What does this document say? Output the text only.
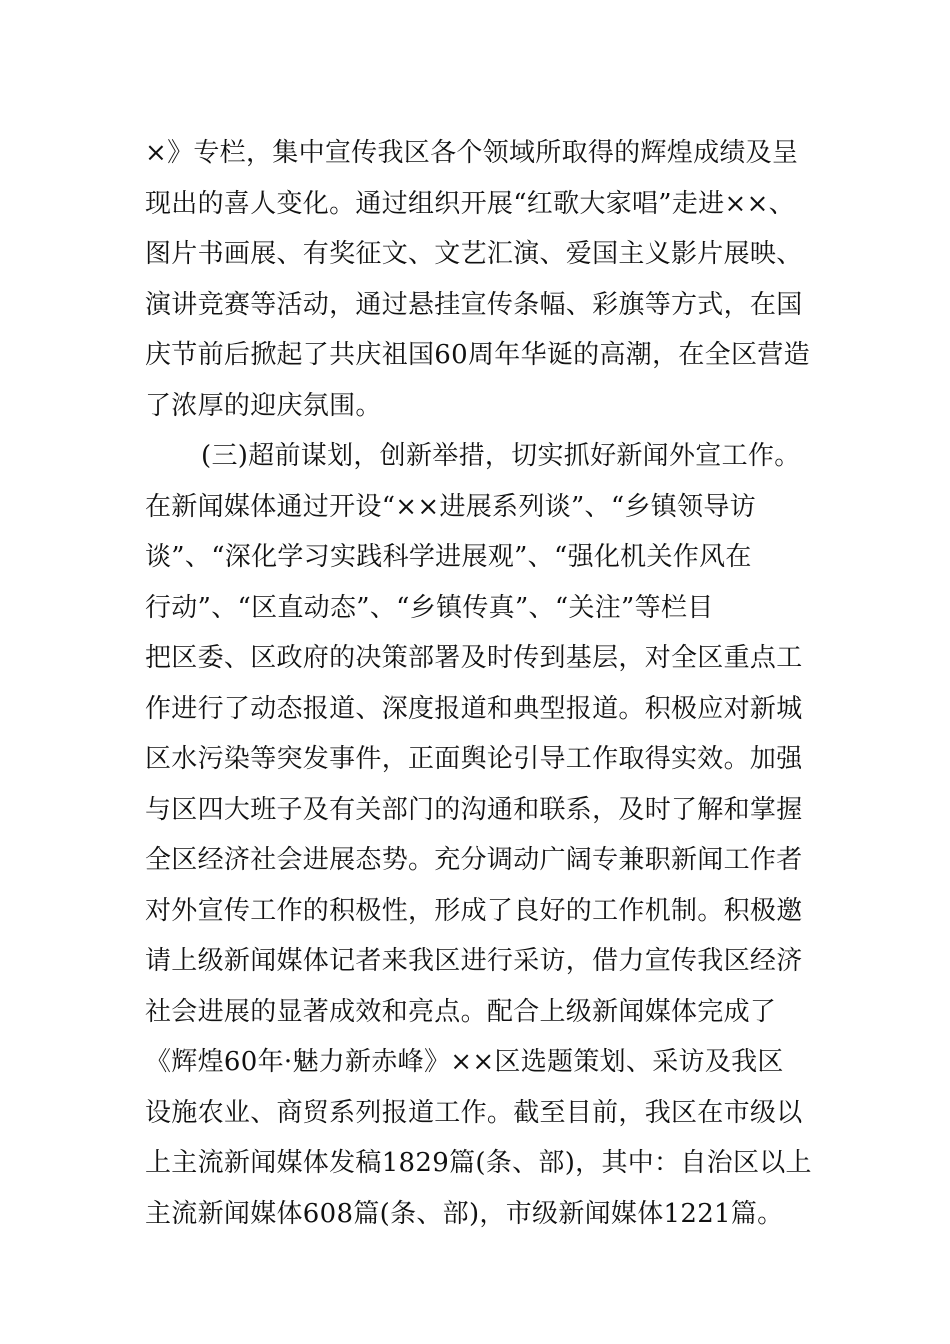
×》专栏，集中宣传我区各个领域所取得的辉煌成绩及呈
现出的喜人变化。通过组织开展“红歌大家唱”走进××、
图片书画展、有奖征文、文艺汇演、爱国主义影片展映、
演讲竞赛等活动，通过悬挂宣传条幅、彩旗等方式，在国
庆节前后掀起了共庆祖国60周年华诞的高潮，在全区营造
了浓厚的迎庆氛围。
(三)超前谋划，创新举措，切实抓好新闻外宣工作。
在新闻媒体通过开设“××进展系列谈”、“乡镇领导访
谈”、“深化学习实践科学进展观”、“强化机关作风在
行动”、“区直动态”、“乡镇传真”、“关注”等栏目
把区委、区政府的决策部署及时传到基层，对全区重点工
作进行了动态报道、深度报道和典型报道。积极应对新城
区水污染等突发事件，正面舆论引导工作取得实效。加强
与区四大班子及有关部门的沟通和联系，及时了解和掌握
全区经济社会进展态势。充分调动广阔专兼职新闻工作者
对外宣传工作的积极性，形成了良好的工作机制。积极邀
请上级新闻媒体记者来我区进行采访，借力宣传我区经济
社会进展的显著成效和亮点。配合上级新闻媒体完成了
《辉煌60年·魅力新赤峰》××区选题策划、采访及我区
设施农业、商贸系列报道工作。截至目前，我区在市级以
上主流新闻媒体发稿1829篇(条、部)，其中：自治区以上
主流新闻媒体608篇(条、部)，市级新闻媒体1221篇。
